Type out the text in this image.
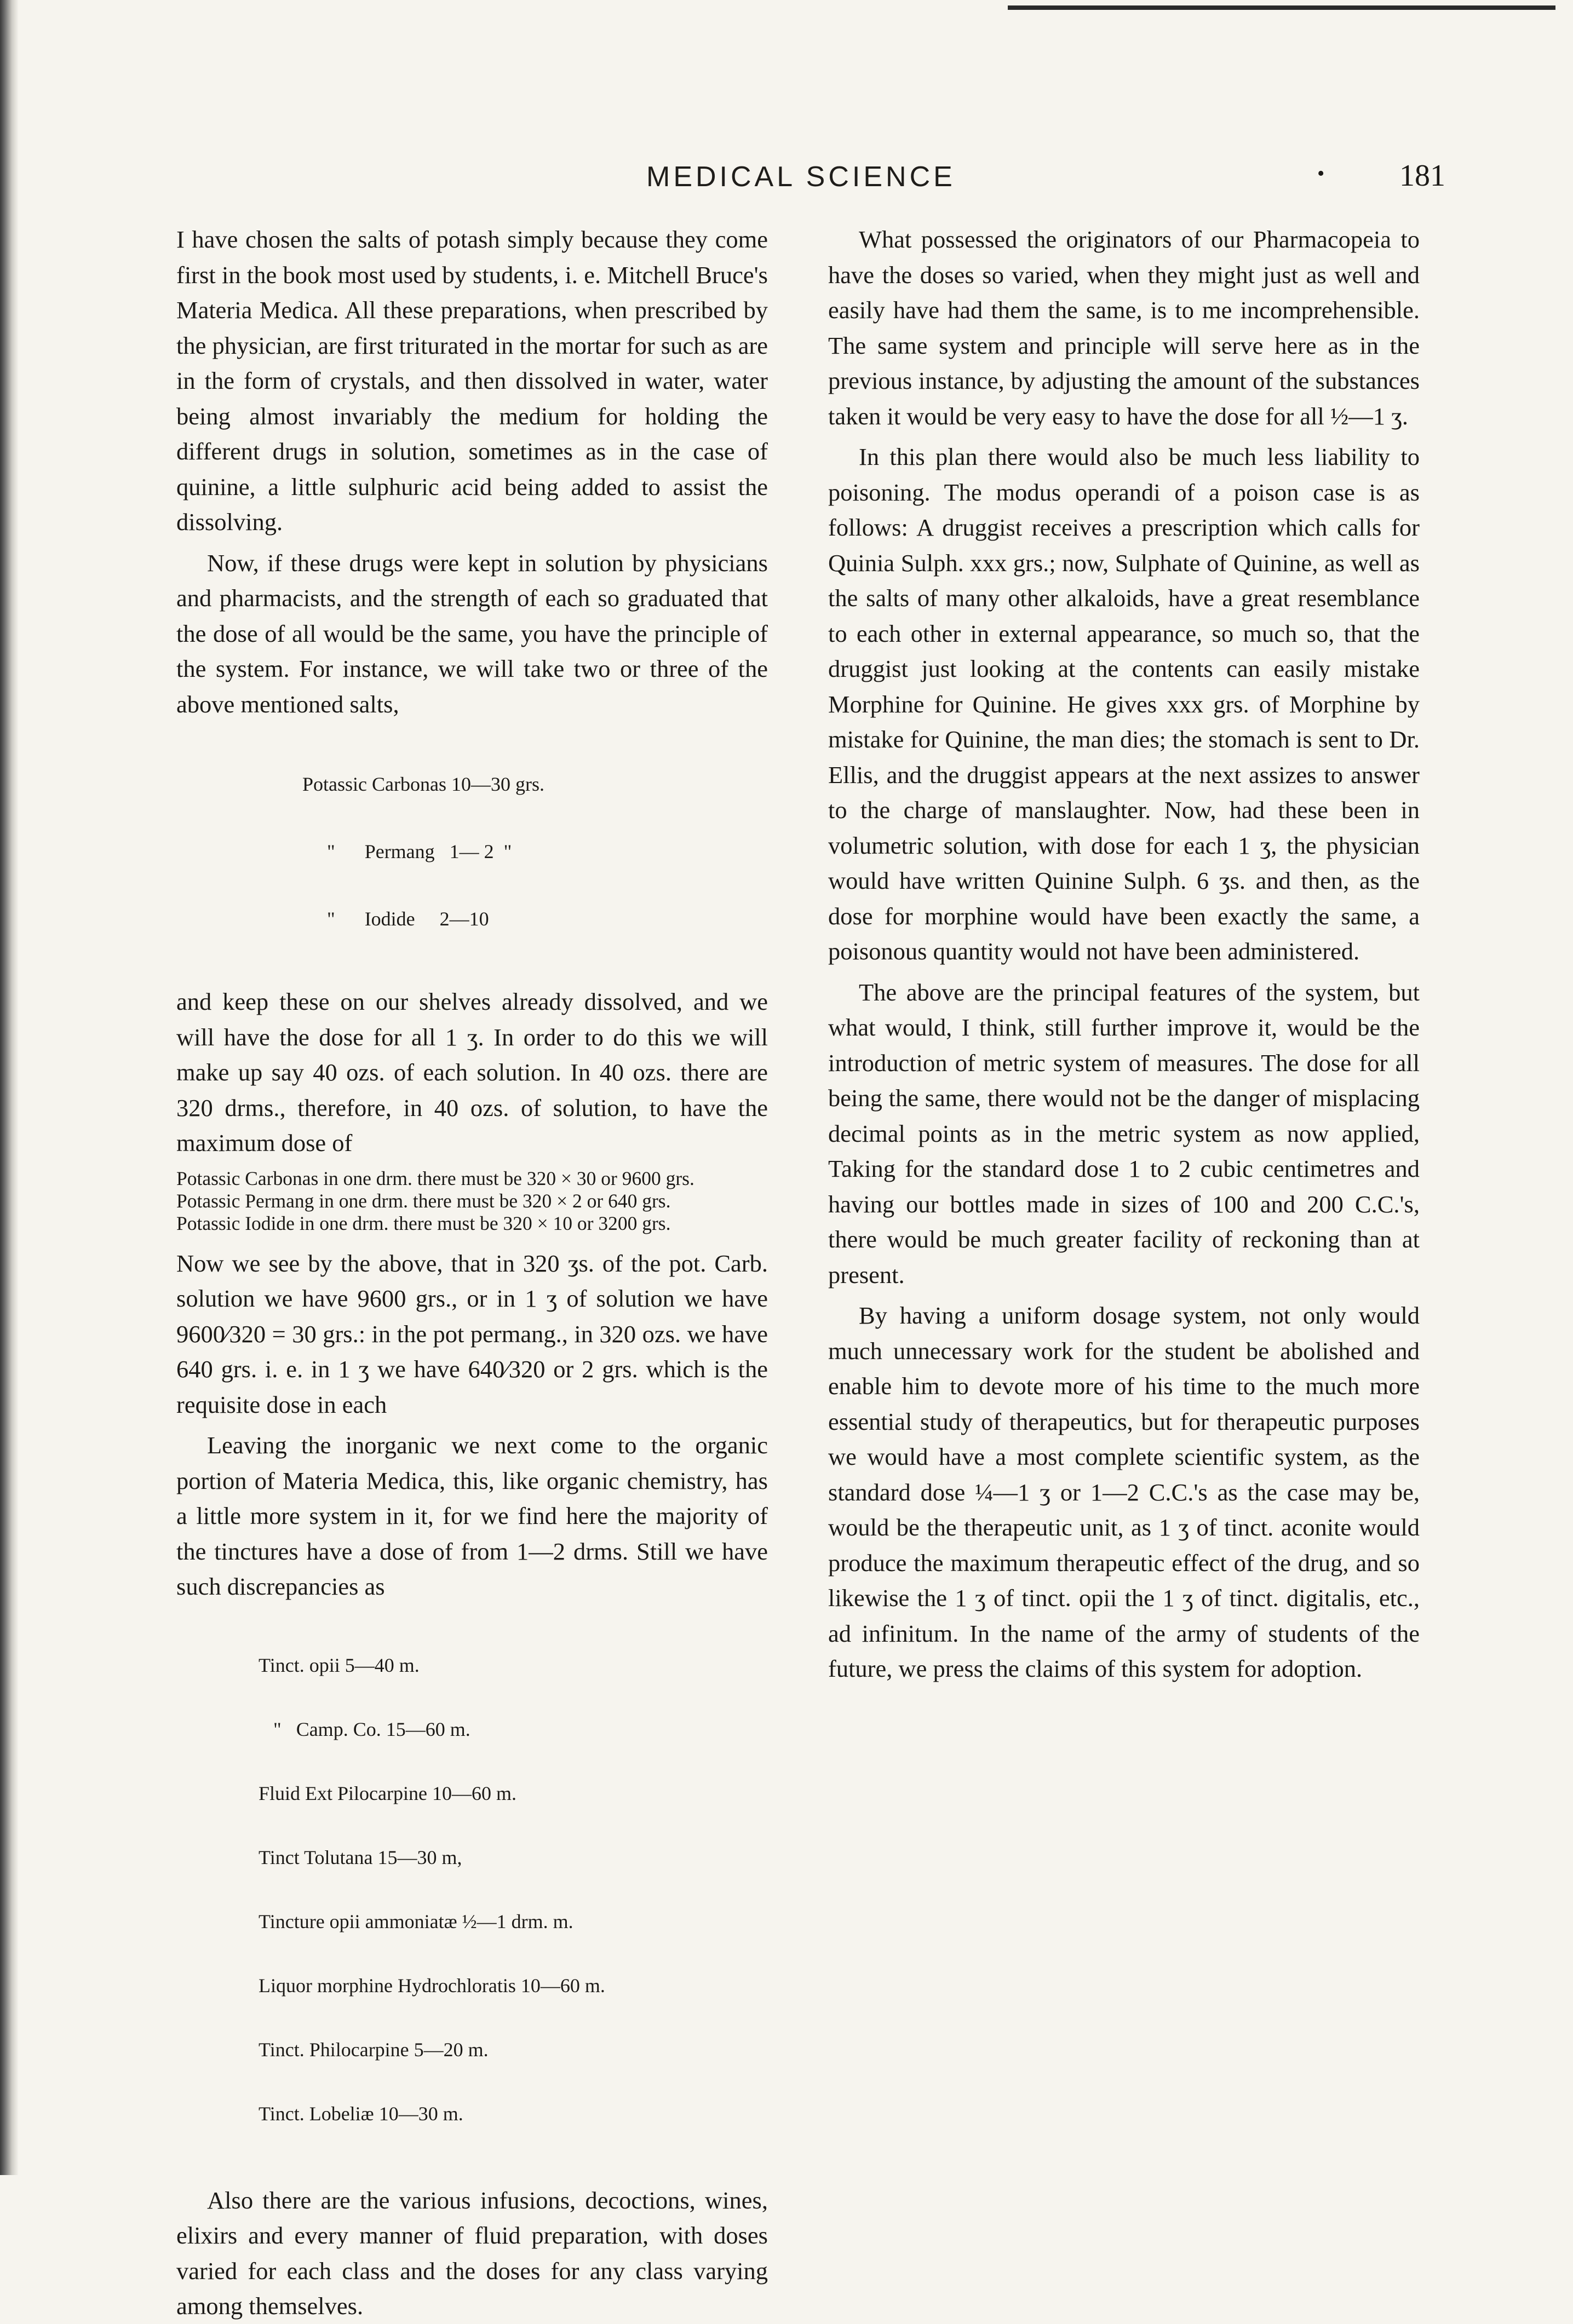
MEDICAL SCIENCE	• 181

I have chosen the salts of potash simply because they come first in the book most used by students, i. e. Mitchell Bruce's Materia Medica. All these preparations, when prescribed by the physician, are first triturated in the mortar for such as are in the form of crystals, and then dissolved in water, water being almost invariably the medium for holding the different drugs in solution, sometimes as in the case of quinine, a little sulphuric acid being added to assist the dissolving.

Now, if these drugs were kept in solution by physicians and pharmacists, and the strength of each so graduated that the dose of all would be the same, you have the principle of the system. For instance, we will take two or three of the above mentioned salts,

Potassic Carbonas 10—30 grs.

"      Permang   1— 2  "

"      Iodide     2—10

and keep these on our shelves already dissolved, and we will have the dose for all 1 ʒ. In order to do this we will make up say 40 ozs. of each solution. In 40 ozs. there are 320 drms., therefore, in 40 ozs. of solution, to have the maximum dose of

Potassic Carbonas in one drm. there must be 320 × 30 or 9600 grs.
Potassic Permang in one drm. there must be 320 × 2 or 640 grs.
Potassic Iodide in one drm. there must be 320 × 10 or 3200 grs.

Now we see by the above, that in 320 ʒs. of the pot. Carb. solution we have 9600 grs., or in 1 ʒ of solution we have 9600⁄320 = 30 grs.: in the pot permang., in 320 ozs. we have 640 grs. i. e. in 1 ʒ we have 640⁄320 or 2 grs. which is the requisite dose in each

Leaving the inorganic we next come to the organic portion of Materia Medica, this, like organic chemistry, has a little more system in it, for we find here the majority of the tinctures have a dose of from 1—2 drms. Still we have such discrepancies as

Tinct. opii 5—40 m.

"   Camp. Co. 15—60 m.

Fluid Ext Pilocarpine 10—60 m.

Tinct Tolutana 15—30 m,

Tincture opii ammoniatæ ½—1 drm. m.

Liquor morphine Hydrochloratis 10—60 m.

Tinct. Philocarpine 5—20 m.

Tinct. Lobeliæ 10—30 m.

Also there are the various infusions, decoctions, wines, elixirs and every manner of fluid preparation, with doses varied for each class and the doses for any class varying among themselves.

What possessed the originators of our Pharmacopeia to have the doses so varied, when they might just as well and easily have had them the same, is to me incomprehensible. The same system and principle will serve here as in the previous instance, by adjusting the amount of the substances taken it would be very easy to have the dose for all ½—1 ʒ.

In this plan there would also be much less liability to poisoning. The modus operandi of a poison case is as follows: A druggist receives a prescription which calls for Quinia Sulph. xxx grs.; now, Sulphate of Quinine, as well as the salts of many other alkaloids, have a great resemblance to each other in external appearance, so much so, that the druggist just looking at the contents can easily mistake Morphine for Quinine. He gives xxx grs. of Morphine by mistake for Quinine, the man dies; the stomach is sent to Dr. Ellis, and the druggist appears at the next assizes to answer to the charge of manslaughter. Now, had these been in volumetric solution, with dose for each 1 ʒ, the physician would have written Quinine Sulph. 6 ʒs. and then, as the dose for morphine would have been exactly the same, a poisonous quantity would not have been administered.

The above are the principal features of the system, but what would, I think, still further improve it, would be the introduction of metric system of measures. The dose for all being the same, there would not be the danger of misplacing decimal points as in the metric system as now applied, Taking for the standard dose 1 to 2 cubic centimetres and having our bottles made in sizes of 100 and 200 C.C.'s, there would be much greater facility of reckoning than at present.

By having a uniform dosage system, not only would much unnecessary work for the student be abolished and enable him to devote more of his time to the much more essential study of therapeutics, but for therapeutic purposes we would have a most complete scientific system, as the standard dose ¼—1 ʒ or 1—2 C.C.'s as the case may be, would be the therapeutic unit, as 1 ʒ of tinct. aconite would produce the maximum therapeutic effect of the drug, and so likewise the 1 ʒ of tinct. opii the 1 ʒ of tinct. digitalis, etc., ad infinitum. In the name of the army of students of the future, we press the claims of this system for adoption.
